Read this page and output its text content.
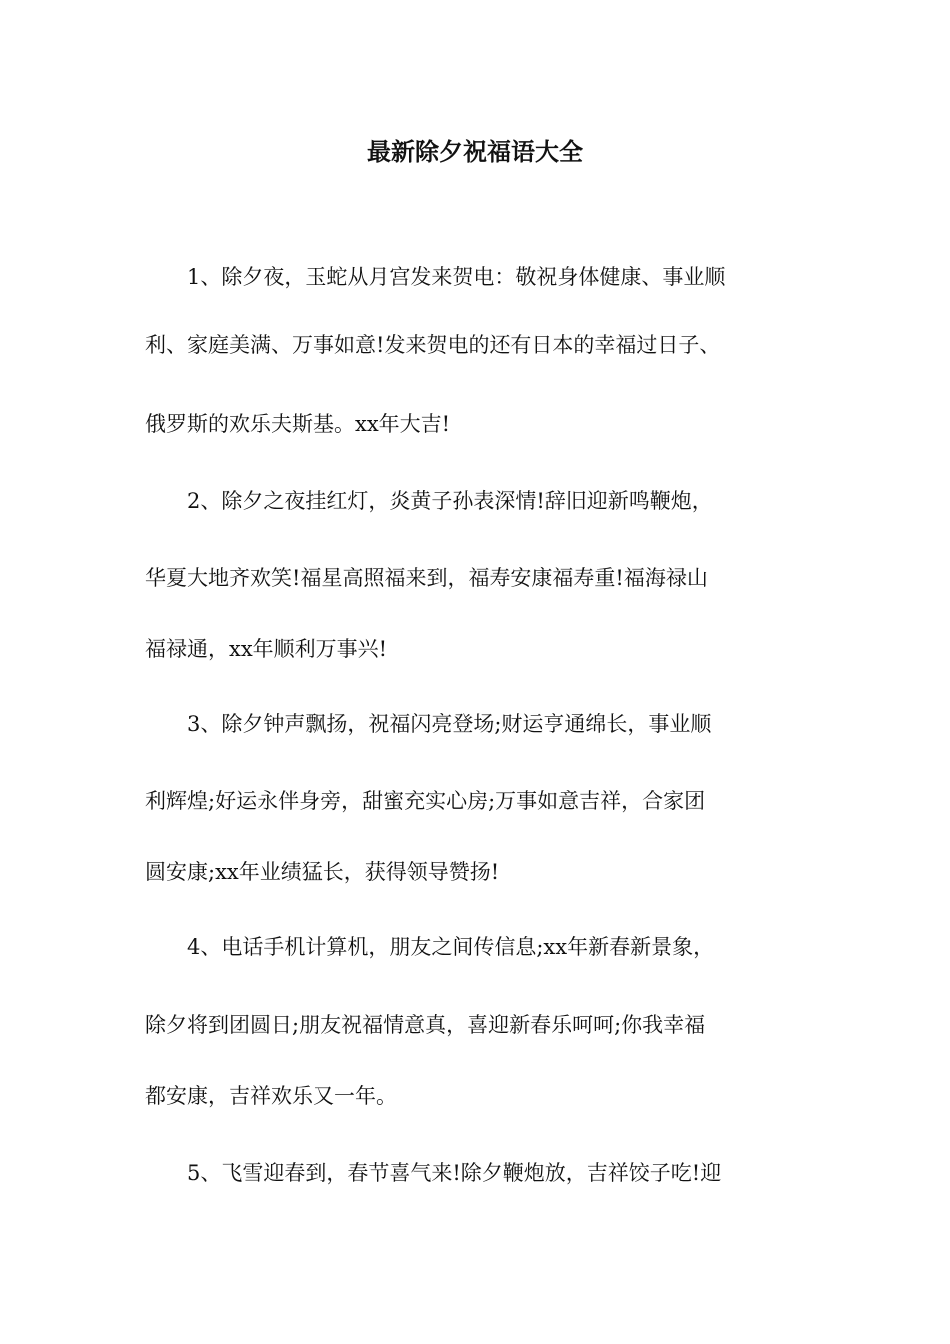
最新除夕祝福语大全
　　1、除夕夜，玉蛇从月宫发来贺电：敬祝身体健康、事业顺
利、家庭美满、万事如意!发来贺电的还有日本的幸福过日子、
俄罗斯的欢乐夫斯基。xx年大吉!
　　2、除夕之夜挂红灯，炎黄子孙表深情!辞旧迎新鸣鞭炮，
华夏大地齐欢笑!福星高照福来到，福寿安康福寿重!福海禄山
福禄通，xx年顺利万事兴!
　　3、除夕钟声飘扬，祝福闪亮登场;财运亨通绵长，事业顺
利辉煌;好运永伴身旁，甜蜜充实心房;万事如意吉祥，合家团
圆安康;xx年业绩猛长，获得领导赞扬!
　　4、电话手机计算机，朋友之间传信息;xx年新春新景象，
除夕将到团圆日;朋友祝福情意真，喜迎新春乐呵呵;你我幸福
都安康，吉祥欢乐又一年。
　　5、飞雪迎春到，春节喜气来!除夕鞭炮放，吉祥饺子吃!迎
